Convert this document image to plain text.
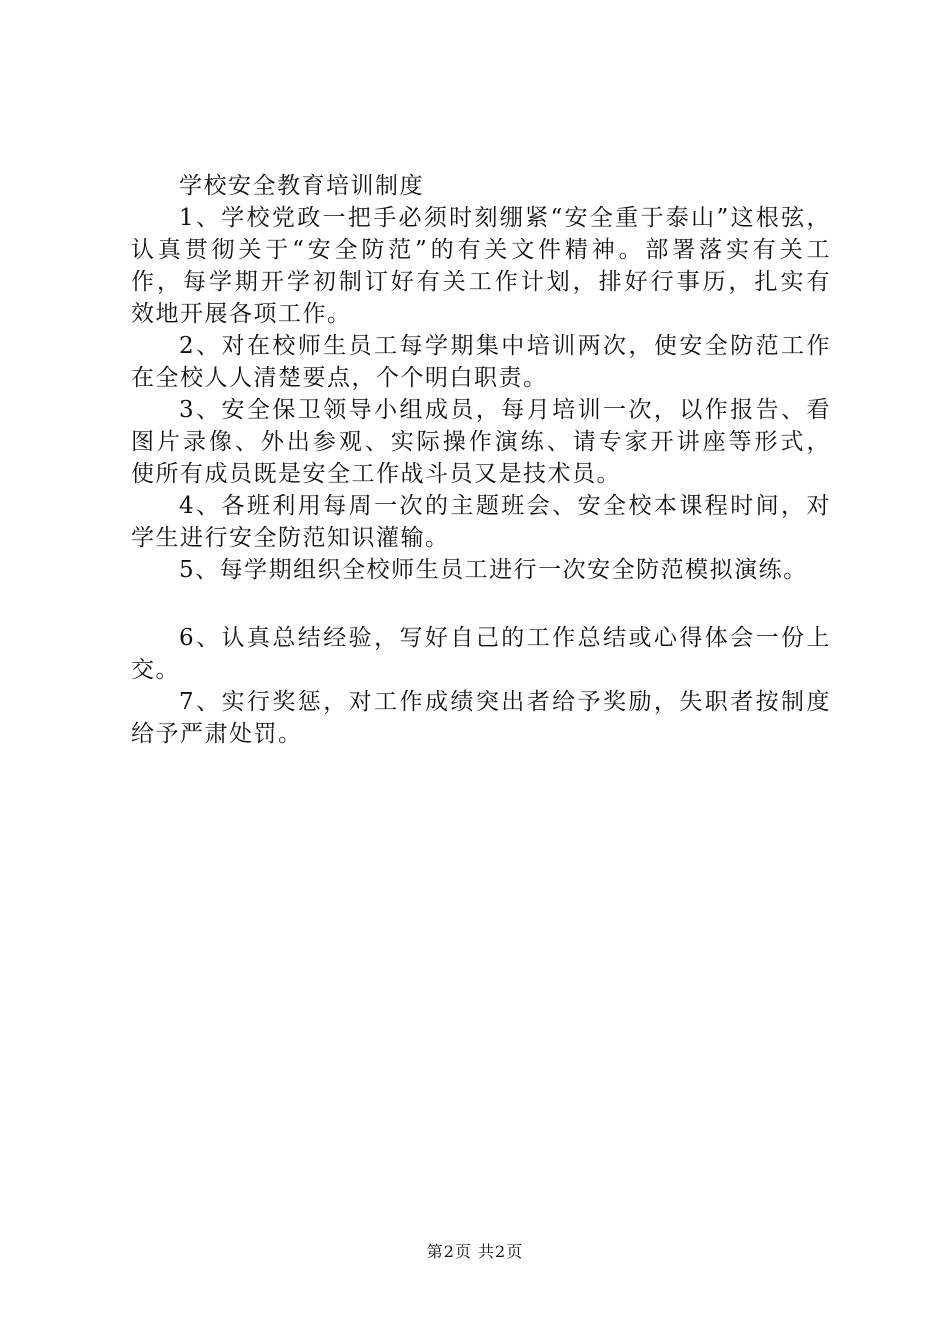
学校安全教育培训制度
1、学校党政一把手必须时刻绷紧“安全重于泰山”这根弦，
认真贯彻关于“安全防范”的有关文件精神。部署落实有关工
作，每学期开学初制订好有关工作计划，排好行事历，扎实有
效地开展各项工作。
2、对在校师生员工每学期集中培训两次，使安全防范工作
在全校人人清楚要点，个个明白职责。
3、安全保卫领导小组成员，每月培训一次，以作报告、看
图片录像、外出参观、实际操作演练、请专家开讲座等形式，
使所有成员既是安全工作战斗员又是技术员。
4、各班利用每周一次的主题班会、安全校本课程时间，对
学生进行安全防范知识灌输。
5、每学期组织全校师生员工进行一次安全防范模拟演练。
6、认真总结经验，写好自己的工作总结或心得体会一份上
交。
7、实行奖惩，对工作成绩突出者给予奖励，失职者按制度
给予严肃处罚。
第2页 共2页
